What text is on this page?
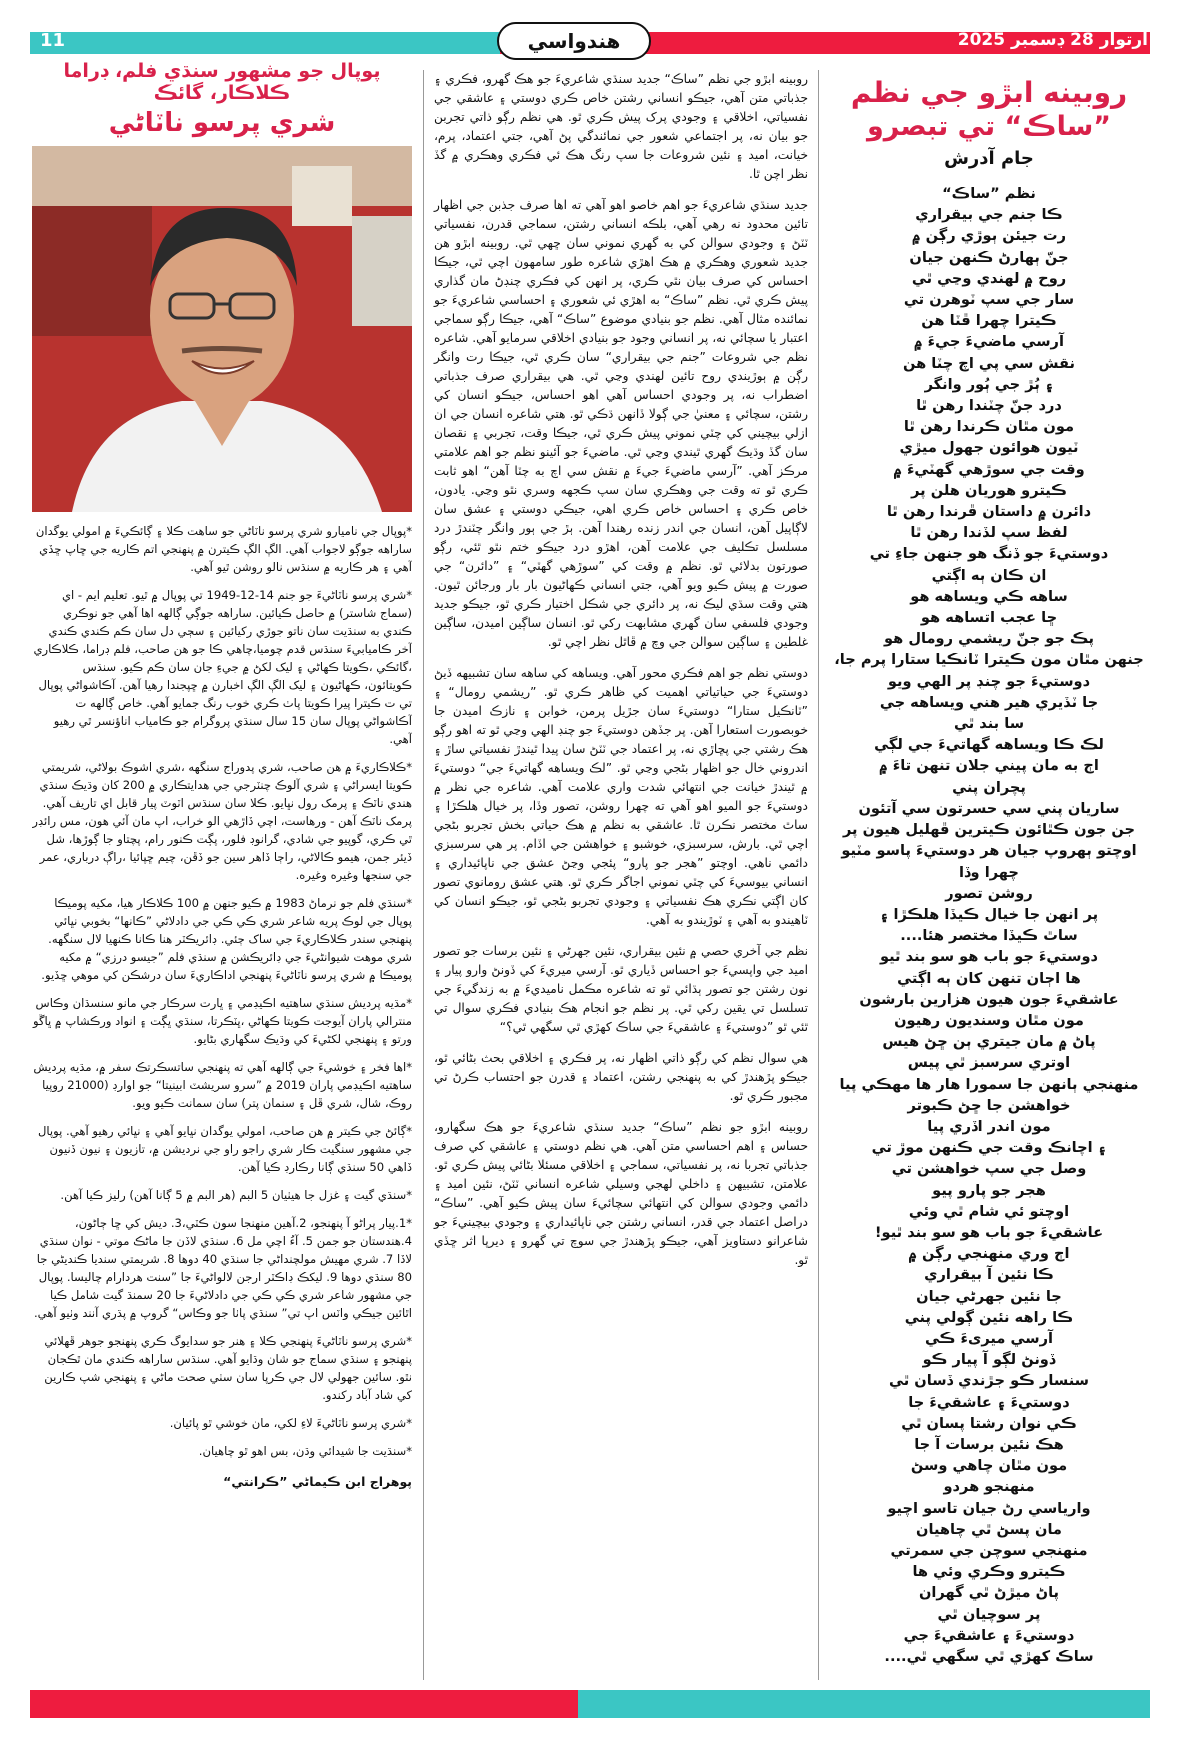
11	هندواسي	آرتوار 28 ڊسمبر 2025
روبينه ابڙو جي نظم
”ساڪ“ تي تبصرو
جام آدرش
نظم ”ساڪ“
ڪا جنم جي بيقراري
رت جيئن ٻوڙي رڳن ۾
جنّ ٻهارڻ ڪنهن جيان
روح ۾ لهندي وڃي ٿي
سار جي سپ ٽوهرن تي
ڪيترا چهرا ڦٽا هن
آرسي ماضيءَ جيءَ ۾
نقش سي پي اچ چٽا هن
۽ ٻُڙ جي ٻُور وانگر
درد جنّ چٽندا رهن ٿا
مون مٿان ڪرندا رهن ٿا
ٽيون هوائون جهول ميڙي
وقت جي سوڙهي گهٽيءَ ۾
ڪيترو هوريان هلن پر
دائرن ۾ داستان ڦرندا رهن ٿا
لفظ سپ لڏندا رهن ٿا
دوستيءَ جو ڏنگ هو جنهن جاءِ تي
ان ڪان ٻه اڳتي
ساهه ڪي ويساهه هو
ڇا عجب اتساهه هو
پڪ جو جنّ ريشمي رومال هو
جنهن مٿان مون ڪيترا ٽانڪيا ستارا پرم جا،
دوستيءَ جو چنڊ پر الهي ويو
جا ٽڏيري هير هني ويساهه جي
سا بند ٿي
لڪ ڪا ويساهه گهاتيءَ جي لڳي
اڄ به مان پيني جلان تنهن تاءَ ۾
پچران پني
ساريان پني سي حسرتون سي آتئون
جن جون ڪٿائون ڪيترين ڦهليل هيون پر
اوچتو ٻهروپ جيان هر دوستيءَ پاسو مٽيو
چهرا وڏا
روشن تصور
پر انهن جا خيال ڪيڏا هلڪڙا ۽
ساٿ ڪيڏا مختصر هئا....
دوستيءَ جو باب هو سو بند ٿيو
ها اڄان تنهن کان ٻه اڳتي
عاشقيءَ جون هيون هزارين بارشون
مون مٿان وسنديون رهيون
پاڻ ۾ مان جيتري ٻن ڇڻ هيس
اوتري سرسبز ٿي پيس
منهنجي ٻانهن جا سمورا هار ها مهڪي پيا
خواهشن جا ڇڻ ڪبوتر
مون اندر اڏري پيا
۽ اچانڪ وقت جي ڪنهن موڙ تي
وصل جي سپ خواهشن تي
هجر جو پارو پيو
اوچتو ئي شام ٿي وئي
عاشقيءَ جو باب هو سو بند ٿيو!
اڄ وري منهنجي رڳن ۾
ڪا نئين آ بيقراري
جا نئين جهرڻي جيان
ڪا راهه نئين ڳولي پني
آرسي ميرىءَ ڪي
ڏونڻ لڳو آ پيار ڪو
سنسار ڪو جڙندي ڏسان ٿي
دوستيءَ ۽ عاشقيءَ جا
ڪي نوان رشتا پسان ٿي
هڪ نئين برسات آ جا
مون مٿان چاهي وسڻ
منهنجو هردو
وارياسي رڻ جيان تاسو اچيو
مان پسڻ ٿي چاهيان
منهنجي سوچن جي سمرتي
ڪيترو وڪري وئي ها
پاڻ ميڙڻ ٿي گهران
پر سوچيان ٿي
دوستيءَ ۽ عاشقيءَ جي
ساڪ کهڙي ٿي سگهي ٿي....

روبينه ابڙو جي نظم ”ساڪ“ جديد سنڌي شاعريءَ جو هڪ گهرو، فڪري ۽ جذباتي متن آهي، جيڪو انساني رشتن خاص ڪري دوستي ۽ عاشقي جي نفسياتي، اخلاقي ۽ وجودي پرک پيش ڪري ٿو. هي نظم رڳو ذاتي تجربن جو بيان نه، پر اجتماعي شعور جي نمائندگي پڻ آهي، جتي اعتماد، پرم، خيانت، اميد ۽ نئين شروعات جا سپ رنگ هڪ ئي فڪري وهڪري ۾ گڏ نظر اچن ٿا.

جديد سنڌي شاعريءَ جو اهم خاصو اهو آهي ته اها صرف جذبن جي اظهار تائين محدود نه رهي آهي، بلڪه انساني رشتن، سماجي قدرن، نفسياتي ٽٽڻ ۽ وجودي سوالن کي به گهري نموني سان ڇهي ٿي. روبينه ابڙو هن جديد شعوري وهڪري ۾ هڪ اهڙي شاعره طور سامهون اچي ٿي، جيڪا احساس کي صرف بيان نٿي ڪري، پر انهن کي فڪري چنڊڻ مان گذاري پيش ڪري ٿي. نظم ”ساڪ“ به اهڙي ئي شعوري ۽ احساسي شاعريءَ جو نمائنده مثال آهي. نظم جو بنيادي موضوع ”ساڪ“ آهي، جيڪا رڳو سماجي اعتبار يا سچائي نه، پر انساني وجود جو بنيادي اخلاقي سرمايو آهي. شاعره نظم جي شروعات ”جنم جي بيقراري“ سان ڪري ٿي، جيڪا رت وانگر رڳن ۾ ٻوڙيندي روح تائين لهندي وڃي ٿي. هي بيقراري صرف جذباتي اضطراب نه، پر وجودي احساس آهي اهو احساس، جيڪو انسان کي رشتن، سچائي ۽ معنيٰ جي ڳولا ڏانهن ڌڪي ٿو. هتي شاعره انسان جي ان ازلي بيچيني کي چٽي نموني پيش ڪري ٿي، جيڪا وقت، تجربي ۽ نقصان سان گڏ وڌيڪ گهري ٿيندي وڃي ٿي. ماضيءَ جو آئينو نظم جو اهم علامتي مرڪز آهي. ”آرسي ماضيءَ جيءَ ۾ نقش سي اچ به چٽا آهن“ اهو ثابت ڪري ٿو ته وقت جي وهڪري سان سپ ڪجهه وسري نٿو وڃي. يادون، خاص ڪري ۽ احساس خاص ڪري اهي، جيڪي دوستي ۽ عشق سان لاڳاپيل آهن، انسان جي اندر زنده رهندا آهن. ٻڙ جي ٻور وانگر چٽندڙ درد مسلسل تڪليف جي علامت آهن، اهڙو درد جيڪو ختم نٿو ٿئي، رڳو صورتون بدلائي ٿو. نظم ۾ وقت کي ”سوڙهي گهٽي“ ۽ ”دائرن“ جي صورت ۾ پيش ڪيو ويو آهي، جتي انساني ڪهاڻيون بار بار ورجائن ٿيون. هتي وقت سڌي ليڪ نه، پر دائري جي شڪل اختيار ڪري ٿو، جيڪو جديد وجودي فلسفي سان گهري مشابهت رکي ٿو. انسان ساڳين اميدن، ساڳين غلطين ۽ ساڳين سوالن جي وچ ۾ ڦاٿل نظر اچي ٿو.

دوستي نظم جو اهم فڪري محور آهي. ويساهه کي ساهه سان تشبيهه ڏيڻ دوستيءَ جي حياتياتي اهميت کي ظاهر ڪري ٿو. ”ريشمي رومال“ ۽ ”ٽانڪيل ستارا“ دوستيءَ سان جڙيل پرمن، خوابن ۽ نازڪ اميدن جا خوبصورت استعارا آهن. پر جڏهن دوستيءَ جو چنڊ الهي وڃي ٿو ته اهو رڳو هڪ رشتي جي پڇاڙي نه، پر اعتماد جي ٽٽڻ سان پيدا ٿيندڙ نفسياتي ساڙ ۽ اندروني خال جو اظهار بڻجي وڃي ٿو. ”لڪ ويساهه گهاتيءَ جي“ دوستيءَ ۾ ٿيندڙ خيانت جي انتهائي شدت واري علامت آهي. شاعره جي نظر ۾ دوستيءَ جو الميو اهو آهي ته چهرا روشن، تصور وڏا، پر خيال هلڪڙا ۽ ساٿ مختصر نڪرن ٿا. عاشقي به نظم ۾ هڪ حياتي بخش تجربو بڻجي اچي ٿي. بارش، سرسبزي، خوشبو ۽ خواهشن جي اڏام. پر هي سرسبزي دائمي ناهي. اوچتو ”هجر جو پارو“ پئجي وڃڻ عشق جي ناپائيداري ۽ انساني بيوسيءَ کي چٽي نموني اجاگر ڪري ٿو. هتي عشق رومانوي تصور کان اڳتي نڪري هڪ نفسياتي ۽ وجودي تجربو بڻجي ٿو، جيڪو انسان کي ٽاهيندو به آهي ۽ ٽوڙيندو به آهي.

نظم جي آخري حصي ۾ نئين بيقراري، نئين جهرڻي ۽ نئين برسات جو تصور اميد جي واپسيءَ جو احساس ڏياري ٿو. آرسي ميريءَ کي ڏونڻ وارو پيار ۽ نون رشتن جو تصور ٻڌائي ٿو ته شاعره مڪمل ناميديءَ ۾ به زندگيءَ جي تسلسل تي يقين رکي ٿي. پر نظم جو انجام هڪ بنيادي فڪري سوال تي ٿئي ٿو ”دوستيءَ ۽ عاشقيءَ جي ساڪ کهڙي ٿي سگهي ٿي؟“

هي سوال نظم کي رڳو ذاتي اظهار نه، پر فڪري ۽ اخلاقي بحث بڻائي ٿو، جيڪو پڙهندڙ کي به پنهنجي رشتن، اعتماد ۽ قدرن جو احتساب ڪرڻ تي مجبور ڪري ٿو.

روبينه ابڙو جو نظم ”ساڪ“ جديد سنڌي شاعريءَ جو هڪ سگهارو، حساس ۽ اهم احساسي متن آهي. هي نظم دوستي ۽ عاشقي کي صرف جذباتي تجربا نه، پر نفسياتي، سماجي ۽ اخلاقي مسئلا بڻائي پيش ڪري ٿو. علامتن، تشبيهن ۽ داخلي لهجي وسيلي شاعره انساني ٽٽڻ، نئين اميد ۽ دائمي وجودي سوالن کي انتهائي سچائيءَ سان پيش ڪيو آهي. ”ساڪ“ دراصل اعتماد جي قدر، انساني رشتن جي ناپائيداري ۽ وجودي بيچينيءَ جو شاعرانو دستاويز آهي، جيڪو پڙهندڙ جي سوچ تي گهرو ۽ ديرپا اثر ڇڏي ٿو.

پوپال جو مشهور سنڌي فلم، ڊراما ڪلاڪار، گائڪ
شري پرسو ناٽاڻي

*پوپال جي ناميارو شري پرسو ناٽاڻي جو ساهت ڪلا ۽ ڳائڪيءَ ۾ امولي يوگدان ساراهه جوڳو لاجواب آهي. الڳ الڳ ڪيترن ۾ پنهنجي اتم ڪاريه جي ڇاپ ڇڏي آهي ۽ هر ڪاريه ۾ سنڌس نالو روشن ٿيو آهي.

*شري پرسو ناٽاڻيءَ جو جنم 14-12-1949 تي پوپال ۾ ٿيو. تعليم ايم - اي (سماج شاستر) ۾ حاصل ڪيائين. ساراهه جوڳي ڳالهه اها آهي جو نوڪري ڪندي به سنڌيت سان ناتو جوڙي رکيائين ۽ سڄي دل سان ڪم ڪندي ڪندي آخر ڪاميابيءَ سنڌس قدم چوميا،چاهي ڪا جو هن صاحب، فلم ڊراما، ڪلاڪاري ،گائڪي ،ڪويتا ڪهاڻي ۽ ليک لکڻ ۾ جيءِ جان سان ڪم ڪيو. سنڌس ڪويتائون، ڪهاڻيون ۽ ليک الڳ الڳ اخبارن ۾ ڇپجندا رهيا آهن. آڪاشواڻي پوپال تي ت ڪيترا پيرا ڪويتا پاٺ ڪري خوب رنگ جمايو آهي. خاص ڳالهه ت آڪاشواڻي پوپال سان 15 سال سنڌي پروگرام جو ڪامياب اناؤنسر ٿي رهيو آهي.

*ڪلاڪاريءَ ۾ هن صاحب، شري پدوراج سنگهه ،شري اشوڪ بولاڻي، شريمتي ڪويتا ايسراڻي ۽ شري آلوڪ چنٽرجي جي هدايتڪاري ۾ 200 کان وڌيڪ سنڌي هندي ناٽڪ ۽ پرمک رول نڀايو. ڪلا سان سنڌس اٽوٽ پيار قابل اي تاريف آهي. پرمک ناٽڪ آهن - ورهاست، اچي ڏاڙهي الو خراب، اپ مان آئي هون، مس رائڊر ٿي ڪري، گوپيو جي شادي، گرانوڊ فلور، پڳت ڪنور رام، پچتاو جا ڳوڙها، شل ڏيئر جمن، هيمو ڪالاڻي، راڄا ڏاهر سين جو ڏڦن، چيم ڇپائيا ،راڳ درباري، عمر جي سنجها وغيره وغيره.

*سنڌي فلم جو نرماڻ 1983 ۾ ڪيو جنهن ۾ 100 ڪلاڪار هيا، مکيه پوميڪا پوپال جي لوڪ پريه شاعر شري ڪي ڪي جي دادلاڻي ”ڪانها“ بخوبي نڀائي پنهنجي سندر ڪلاڪاريءَ جي ساک ڄئي. ڊائريڪٽر هنا ڪانا ڪنهيا لال سنگهه. شري موهت شيوانڻيءَ جي ڊائريڪشن ۾ سنڌي فلم ”جيسو درزي“ ۾ مکيه پوميڪا ۾ شري پرسو ناٽاڻيءَ پنهنجي اداڪاريءَ سان درشڪن کي موهي ڇڏيو.

*مڌيه پرديش سنڌي ساهتيه اڪيڊمي ۽ ڀارت سرڪار جي مانو سنسڌان وڪاس منترالي پاران آيوجت ڪويتا ڪهاڻي ،ڀٽڪرتا، سنڌي ڀڳت ۽ انواد ورڪشاپ ۾ ڀاڱو ورتو ۽ پنهنجي لکڻيءَ کي وڌيڪ سگهاري بڻايو.

*اها فخر ۽ خوشيءَ جي ڳالهه آهي ته پنهنجي ساتسڪرتڪ سفر ۾، مڌيه پرديش ساهتيه اڪيڊمي پاران 2019 ۾ ”سرو سريشٽ ابينيتا“ جو اوارڊ (21000 روپيا روڪ، شال، شري ڦل ۽ سنمان پتر) سان سمانت ڪيو ويو.

*ڳائڻ جي ڪيتر ۾ هن صاحب، امولي يوگدان نڀايو آهي ۽ نڀائي رهيو آهي. پوپال جي مشهور سنگيت ڪار شري راجو راو جي نرديشن ۾، تازيون ۽ نيون ڏنيون ڏاهي 50 سنڌي ڳانا رڪارڊ ڪيا آهن.

*سنڌي گيت ۽ غزل جا هيٺيان 5 البم (هر البم ۾ 5 ڳانا آهن) رليز ڪيا آهن.

*1.پيار پراڻو آ پنهنجو، 2.آهين منهنجا سون ڪٽي،3. ديش کي ڇا ڄاڻون، 4.هندستان جو جمن 5. آءُ اچي مل 6. سنڌي لاڏن جا ماڻڪ موتي - نوان سنڌي لاڏا 7. شري مهيش مولچنداڻي جا سنڌي 40 دوها 8. شريمتي سنديا ڪنديڻي جا 80 سنڌي دوها 9. ليکڪ ڊاڪٽر ارجن لالواڻيءَ جا ”سنت هردارام چاليسا. پوپال جي مشهور شاعر شري ڪي ڪي جي دادلاڻيءَ جا 20 سمنڌ گيت شامل ڪيا اٿائين جيڪي واٽس اپ تي” سنڌي پاٺا جو وڪاس“ گروپ ۾ پڌري آنند وٺيو آهي.

*شري پرسو ناٽاڻيءَ پنهنجي ڪلا ۽ هنر جو سدايوگ ڪري پنهنجو جوهر ڦهلائي پنهنجو ۽ سنڌي سماج جو شان وڌايو آهي. سنڌس ساراهه ڪندي مان ٿڪجان نٿو. سائين جهولي لال جي ڪرپا سان سٺي صحت ماڻي ۽ پنهنجي شپ ڪارين کي شاد آباد رکندو.

*شري پرسو ناٽاڻيءَ لاءِ لکي، مان خوشي ٿو پائيان.

*سنڌيت جا شيدائي وڌن، بس اهو ٿو چاهيان.

پوهراج ابن ڪيماڻي ”ڪرانتي“
